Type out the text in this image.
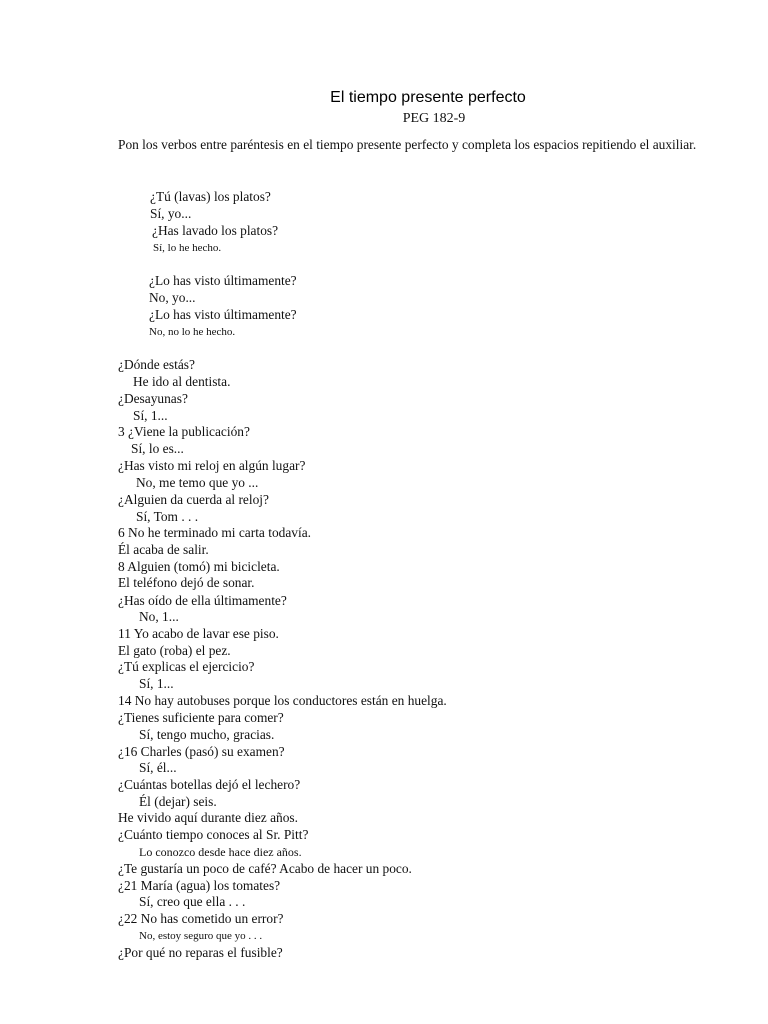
El tiempo presente perfecto
PEG 182-9
Pon los verbos entre paréntesis en el tiempo presente perfecto y completa los espacios repitiendo el auxiliar.
¿Tú (lavas) los platos?
Sí, yo...
¿Has lavado los platos?
Sí, lo he hecho.
¿Lo has visto últimamente?
No, yo...
¿Lo has visto últimamente?
No, no lo he hecho.
¿Dónde estás?
He ido al dentista.
¿Desayunas?
Sí, 1...
3 ¿Viene la publicación?
Sí, lo es...
¿Has visto mi reloj en algún lugar?
No, me temo que yo ...
¿Alguien da cuerda al reloj?
Sí, Tom . . .
6 No he terminado mi carta todavía.
Él acaba de salir.
8 Alguien (tomó) mi bicicleta.
El teléfono dejó de sonar.
¿Has oído de ella últimamente?
No, 1...
11 Yo acabo de lavar ese piso.
El gato (roba) el pez.
¿Tú explicas el ejercicio?
Sí, 1...
14 No hay autobuses porque los conductores están en huelga.
¿Tienes suficiente para comer?
Sí, tengo mucho, gracias.
¿16 Charles (pasó) su examen?
Sí, él...
¿Cuántas botellas dejó el lechero?
Él (dejar) seis.
He vivido aquí durante diez años.
¿Cuánto tiempo conoces al Sr. Pitt?
Lo conozco desde hace diez años.
¿Te gustaría un poco de café? Acabo de hacer un poco.
¿21 María (agua) los tomates?
Sí, creo que ella . . .
¿22 No has cometido un error?
No, estoy seguro que yo . . .
¿Por qué no reparas el fusible?
